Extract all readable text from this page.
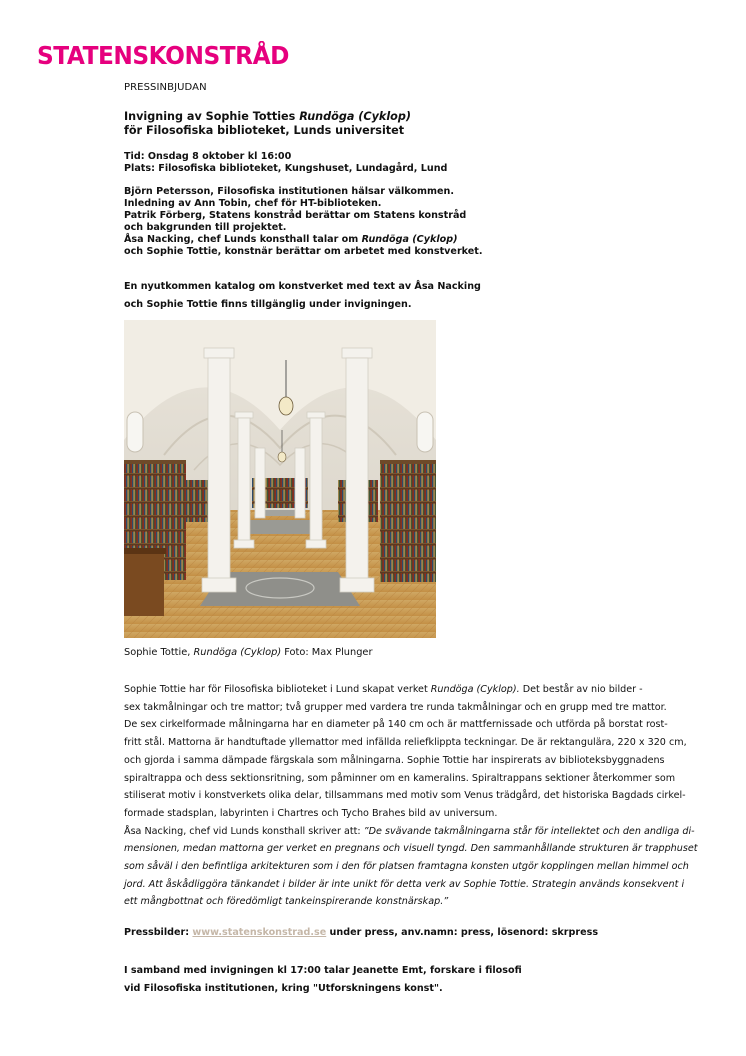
STATENSKONSTRÅD
PRESSINBJUDAN
Invigning av Sophie Totties Rundöga (Cyklop)
för Filosofiska biblioteket, Lunds universitet
Tid: Onsdag 8 oktober kl 16:00
Plats: Filosofiska biblioteket, Kungshuset, Lundagård, Lund
Björn Petersson, Filosofiska institutionen hälsar välkommen.
Inledning av Ann Tobin, chef för HT-biblioteken.
Patrik Förberg, Statens konstråd berättar om Statens konstråd
och bakgrunden till projektet.
Åsa Nacking, chef Lunds konsthall talar om Rundöga (Cyklop)
och Sophie Tottie, konstnär berättar om arbetet med konstverket.
En nyutkommen katalog om konstverket med text av Åsa Nacking
och Sophie Tottie finns tillgänglig under invigningen.
Sophie Tottie, Rundöga (Cyklop) Foto: Max Plunger
Sophie Tottie har för Filosofiska biblioteket i Lund skapat verket Rundöga (Cyklop). Det består av nio bilder -
sex takmålningar och tre mattor; två grupper med vardera tre runda takmålningar och en grupp med tre mattor.
De sex cirkelformade målningarna har en diameter på 140 cm och är mattfernissade och utförda på borstat rost-
fritt stål. Mattorna är handtuftade yllemattor med infällda reliefklippta teckningar. De är rektangulära, 220 x 320 cm,
och gjorda i samma dämpade färgskala som målningarna. Sophie Tottie har inspirerats av biblioteksbyggnadens
spiraltrappa och dess sektionsritning, som påminner om en kameralins. Spiraltrappans sektioner återkommer som
stiliserat motiv i konstverkets olika delar, tillsammans med motiv som Venus trädgård, det historiska Bagdads cirkel-
formade stadsplan, labyrinten i Chartres och Tycho Brahes bild av universum.
Åsa Nacking, chef vid Lunds konsthall skriver att: ”De svävande takmålningarna står för intellektet och den andliga di-
mensionen, medan mattorna ger verket en pregnans och visuell tyngd. Den sammanhållande strukturen är trapphuset
som såväl i den befintliga arkitekturen som i den för platsen framtagna konsten utgör kopplingen mellan himmel och
jord. Att åskådliggöra tänkandet i bilder är inte unikt för detta verk av Sophie Tottie. Strategin används konsekvent i
ett mångbottnat och föredömligt tankeinspirerande konstnärskap.”
Pressbilder: www.statenskonstrad.se under press, anv.namn: press, lösenord: skrpress
I samband med invigningen kl 17:00 talar Jeanette Emt, forskare i filosofi
vid Filosofiska institutionen, kring "Utforskningens konst".
